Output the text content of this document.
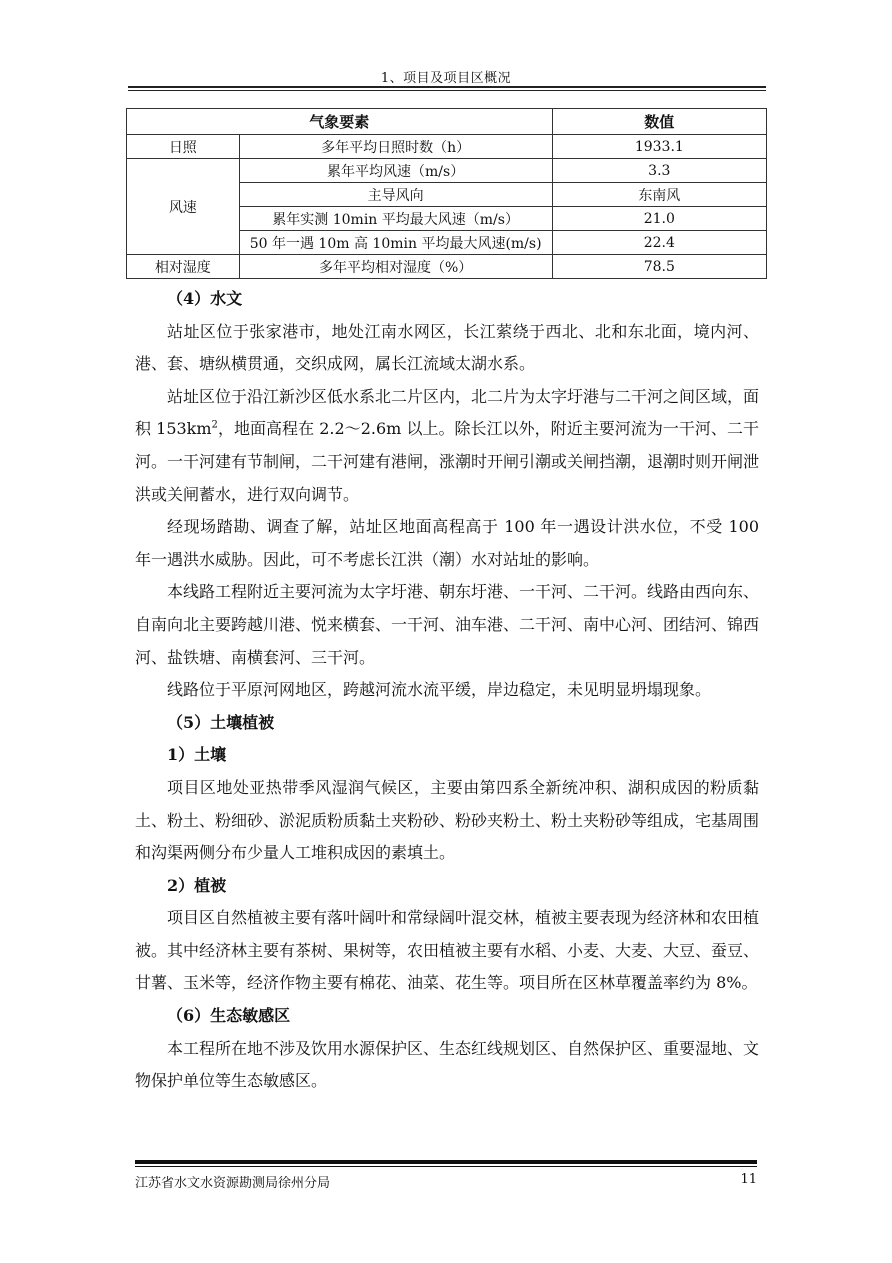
1、项目及项目区概况
气象要素		数值
日照	多年平均日照时数（h）	1933.1
风速	累年平均风速（m/s）	3.3
	主导风向	东南风
	累年实测 10min 平均最大风速（m/s）	21.0
	50 年一遇 10m 高 10min 平均最大风速(m/s)	22.4
相对湿度	多年平均相对湿度（%）	78.5
（4）水文

站址区位于张家港市，地处江南水网区，长江萦绕于西北、北和东北面，境内河、港、套、塘纵横贯通，交织成网，属长江流域太湖水系。

站址区位于沿江新沙区低水系北二片区内，北二片为太字圩港与二干河之间区域，面积 $153km^2$，地面高程在 2.2～2.6m 以上。除长江以外，附近主要河流为一干河、二干河。一干河建有节制闸，二干河建有港闸，涨潮时开闸引潮或关闸挡潮，退潮时则开闸泄洪或关闸蓄水，进行双向调节。

经现场踏勘、调查了解，站址区地面高程高于 100 年一遇设计洪水位，不受 100 年一遇洪水威胁。因此，可不考虑长江洪（潮）水对站址的影响。

本线路工程附近主要河流为太字圩港、朝东圩港、一干河、二干河。线路由西向东、自南向北主要跨越川港、悦来横套、一干河、油车港、二干河、南中心河、团结河、锦西河、盐铁塘、南横套河、三干河。

线路位于平原河网地区，跨越河流水流平缓，岸边稳定，未见明显坍塌现象。

（5）土壤植被
1）土壤

项目区地处亚热带季风湿润气候区，主要由第四系全新统冲积、湖积成因的粉质黏土、粉土、粉细砂、淤泥质粉质黏土夹粉砂、粉砂夹粉土、粉土夹粉砂等组成，宅基周围和沟渠两侧分布少量人工堆积成因的素填土。

2）植被

项目区自然植被主要有落叶阔叶和常绿阔叶混交林，植被主要表现为经济林和农田植被。其中经济林主要有茶树、果树等，农田植被主要有水稻、小麦、大麦、大豆、蚕豆、甘薯、玉米等，经济作物主要有棉花、油菜、花生等。项目所在区林草覆盖率约为 8%。

（6）生态敏感区

本工程所在地不涉及饮用水源保护区、生态红线规划区、自然保护区、重要湿地、文物保护单位等生态敏感区。

江苏省水文水资源勘测局徐州分局	11
